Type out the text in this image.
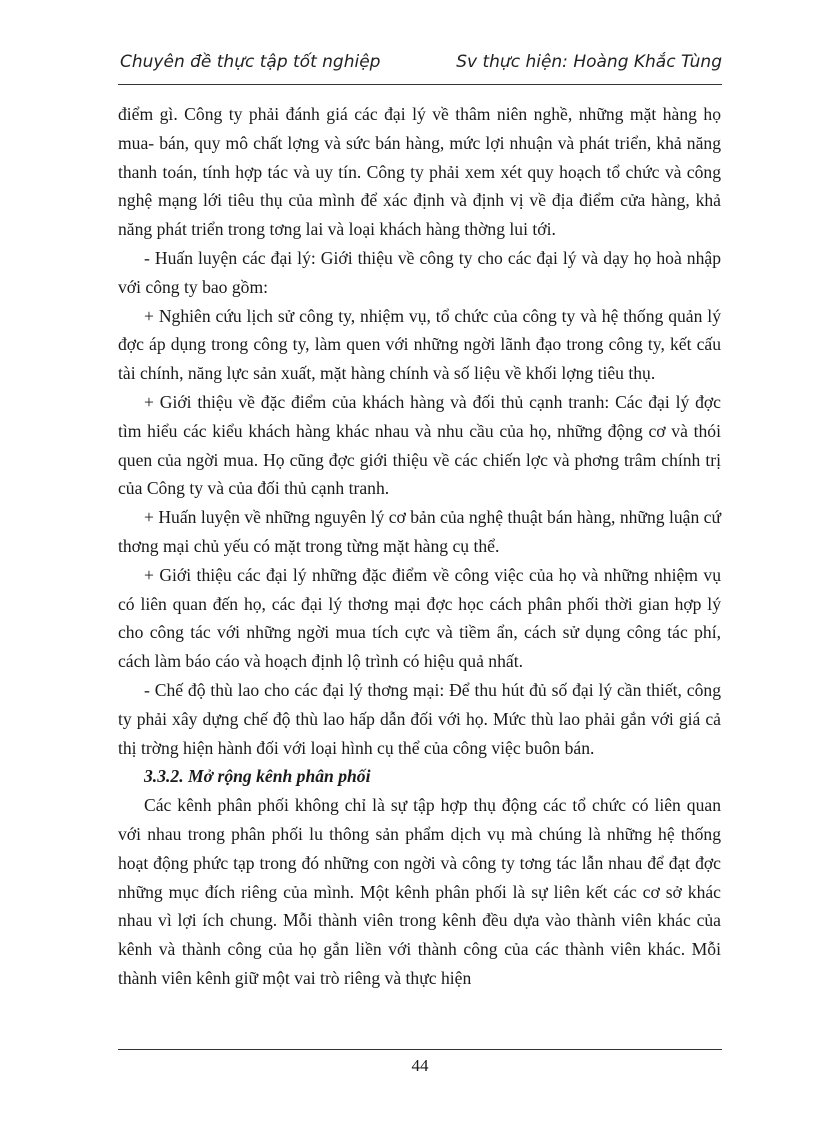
Chuyên đề thực tập tốt nghiệp	Sv thực hiện: Hoàng Khắc Tùng

điểm gì. Công ty phải đánh giá các đại lý về thâm niên nghề, những mặt hàng họ mua- bán, quy mô chất lợng và sức bán hàng, mức lợi nhuận và phát triển, khả năng thanh toán, tính hợp tác và uy tín. Công ty phải xem xét quy hoạch tổ chức và công nghệ mạng lới tiêu thụ của mình để xác định và định vị về địa điểm cửa hàng, khả năng phát triển trong tơng lai và loại khách hàng thờng lui tới.

- Huấn luyện các đại lý: Giới thiệu về công ty cho các đại lý và dạy họ hoà nhập với công ty bao gồm:

+ Nghiên cứu lịch sử công ty, nhiệm vụ, tổ chức của công ty và hệ thống quản lý đợc áp dụng trong công ty, làm quen với những ngời lãnh đạo trong công ty, kết cấu tài chính, năng lực sản xuất, mặt hàng chính và số liệu về khối lợng tiêu thụ.

+ Giới thiệu về đặc điểm của khách hàng và đối thủ cạnh tranh: Các đại lý đợc tìm hiểu các kiểu khách hàng khác nhau và nhu cầu của họ, những động cơ và thói quen của ngời mua. Họ cũng đợc giới thiệu về các chiến lợc và phơng trâm chính trị của Công ty và của đối thủ cạnh tranh.

+ Huấn luyện về những nguyên lý cơ bản của nghệ thuật bán hàng, những luận cứ thơng mại chủ yếu có mặt trong từng mặt hàng cụ thể.

+ Giới thiệu các đại lý những đặc điểm về công việc của họ và những nhiệm vụ có liên quan đến họ, các đại lý thơng mại đợc học cách phân phối thời gian hợp lý cho công tác với những ngời mua tích cực và tiềm ẩn, cách sử dụng công tác phí, cách làm báo cáo và hoạch định lộ trình có hiệu quả nhất.

- Chế độ thù lao cho các đại lý thơng mại: Để thu hút đủ số đại lý cần thiết, công ty phải xây dựng chế độ thù lao hấp dẫn đối với họ. Mức thù lao phải gắn với giá cả thị trờng hiện hành đối với loại hình cụ thể của công việc buôn bán.

3.3.2. Mở rộng kênh phân phối

Các kênh phân phối không chỉ là sự tập hợp thụ động các tổ chức có liên quan với nhau trong phân phối lu thông sản phẩm dịch vụ mà chúng là những hệ thống hoạt động phức tạp trong đó những con ngời và công ty tơng tác lẫn nhau để đạt đợc những mục đích riêng của mình. Một kênh phân phối là sự liên kết các cơ sở khác nhau vì lợi ích chung. Mỗi thành viên trong kênh đều dựa vào thành viên khác của kênh và thành công của họ gắn liền với thành công của các thành viên khác. Mỗi thành viên kênh giữ một vai trò riêng và thực hiện

44
